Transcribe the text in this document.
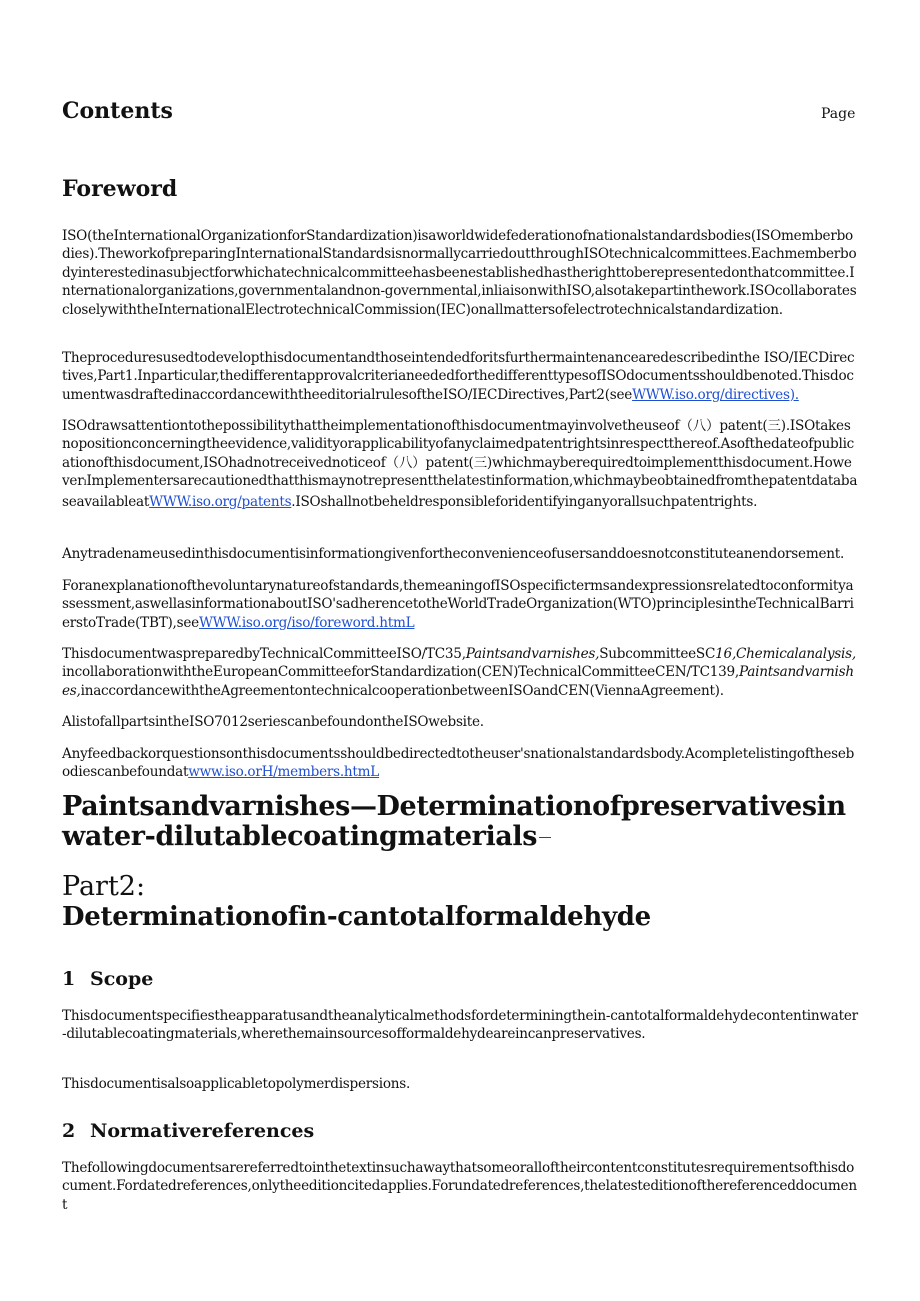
Contents	Page
Foreword

ISO(theInternationalOrganizationforStandardization)isaworldwidefederationofnationalstandardsbodies(ISOmemberbodies).TheworkofpreparingInternationalStandardsisnormallycarriedoutthroughISOtechnicalcommittees.Eachmemberbodyinterestedinasubjectforwhichatechnicalcommitteehasbeenestablishedhastherighttoberepresentedonthatcommittee.Internationalorganizations,governmentalandnon-governmental,inliaisonwithISO,alsotakepartinthework.ISOcollaboratescloselywiththeInternationalElectrotechnicalCommission(IEC)onallmattersofelectrotechnicalstandardization.

Theproceduresusedtodevelopthisdocumentandthoseintendedforitsfurthermaintenancearedescribedinthe ISO/IECDirectives,Part1.Inparticular,thedifferentapprovalcriterianeededforthedifferenttypesofISOdocumentsshouldbenoted.ThisdocumentwasdraftedinaccordancewiththeeditorialrulesoftheISO/IECDirectives,Part2(seeWWW.iso.org/directives).

ISOdrawsattentiontothepossibilitythattheimplementationofthisdocumentmayinvolvetheuseof（八）patent(三).ISOtakesnopositionconcerningtheevidence,validityorapplicabilityofanyclaimedpatentrightsinrespectthereof.Asofthedateofpublicationofthisdocument,ISOhadnotreceivednoticeof（八）patent(三)whichmayberequiredtoimplementthisdocument.HoweverıImplementersarecautionedthatthismaynotrepresentthelatestinformation,whichmaybeobtainedfromthepatentdatabaseavailableatWWW.iso.org/patents.ISOshallnotbeheldresponsibleforidentifyinganyorallsuchpatentrights.

Anytradenameusedinthisdocumentisinformationgivenfortheconvenienceofusersanddoesnotconstituteanendorsement.

Foranexplanationofthevoluntarynatureofstandards,themeaningofISOspecifictermsandexpressionsrelatedtoconformityassessment,aswellasinformationaboutISO'sadherencetotheWorldTradeOrganization(WTO)principlesintheTechnicalBarrierstoTrade(TBT),seeWWW.iso.org/iso/foreword.htmL

ThisdocumentwaspreparedbyTechnicalCommitteeISO/TC35,Paintsandvarnishes,SubcommitteeSC16,Chemicalanalysis,incollaborationwiththeEuropeanCommitteeforStandardization(CEN)TechnicalCommitteeCEN/TC139,Paintsandvarnishes,inaccordancewiththeAgreementontechnicalcooperationbetweenISOandCEN(ViennaAgreement).

AlistofallpartsintheISO7012seriescanbefoundontheISOwebsite.

Anyfeedbackorquestionsonthisdocumentsshouldbedirectedtotheuser'snationalstandardsbody.Acompletelistingofthesebodiescanbefoundatwww.iso.orH/members.htmL

Paintsandvarnishes—Determinationofpreservativesinwater-dilutablecoatingmaterials
Part2:
Determinationofin-cantotalformaldehyde
1 Scope

Thisdocumentspecifiestheapparatusandtheanalyticalmethodsfordeterminingthein-cantotalformaldehydecontentinwater-dilutablecoatingmaterials,wherethemainsourcesofformaldehydeareincanpreservatives.

Thisdocumentisalsoapplicabletopolymerdispersions.

2 Normativereferences

Thefollowingdocumentsarereferredtointhetextinsuchawaythatsomeoralloftheircontentconstitutesrequirementsofthisdocument.Fordatedreferences,onlytheeditioncitedapplies.Forundatedreferences,thelatesteditionofthereferenceddocument
